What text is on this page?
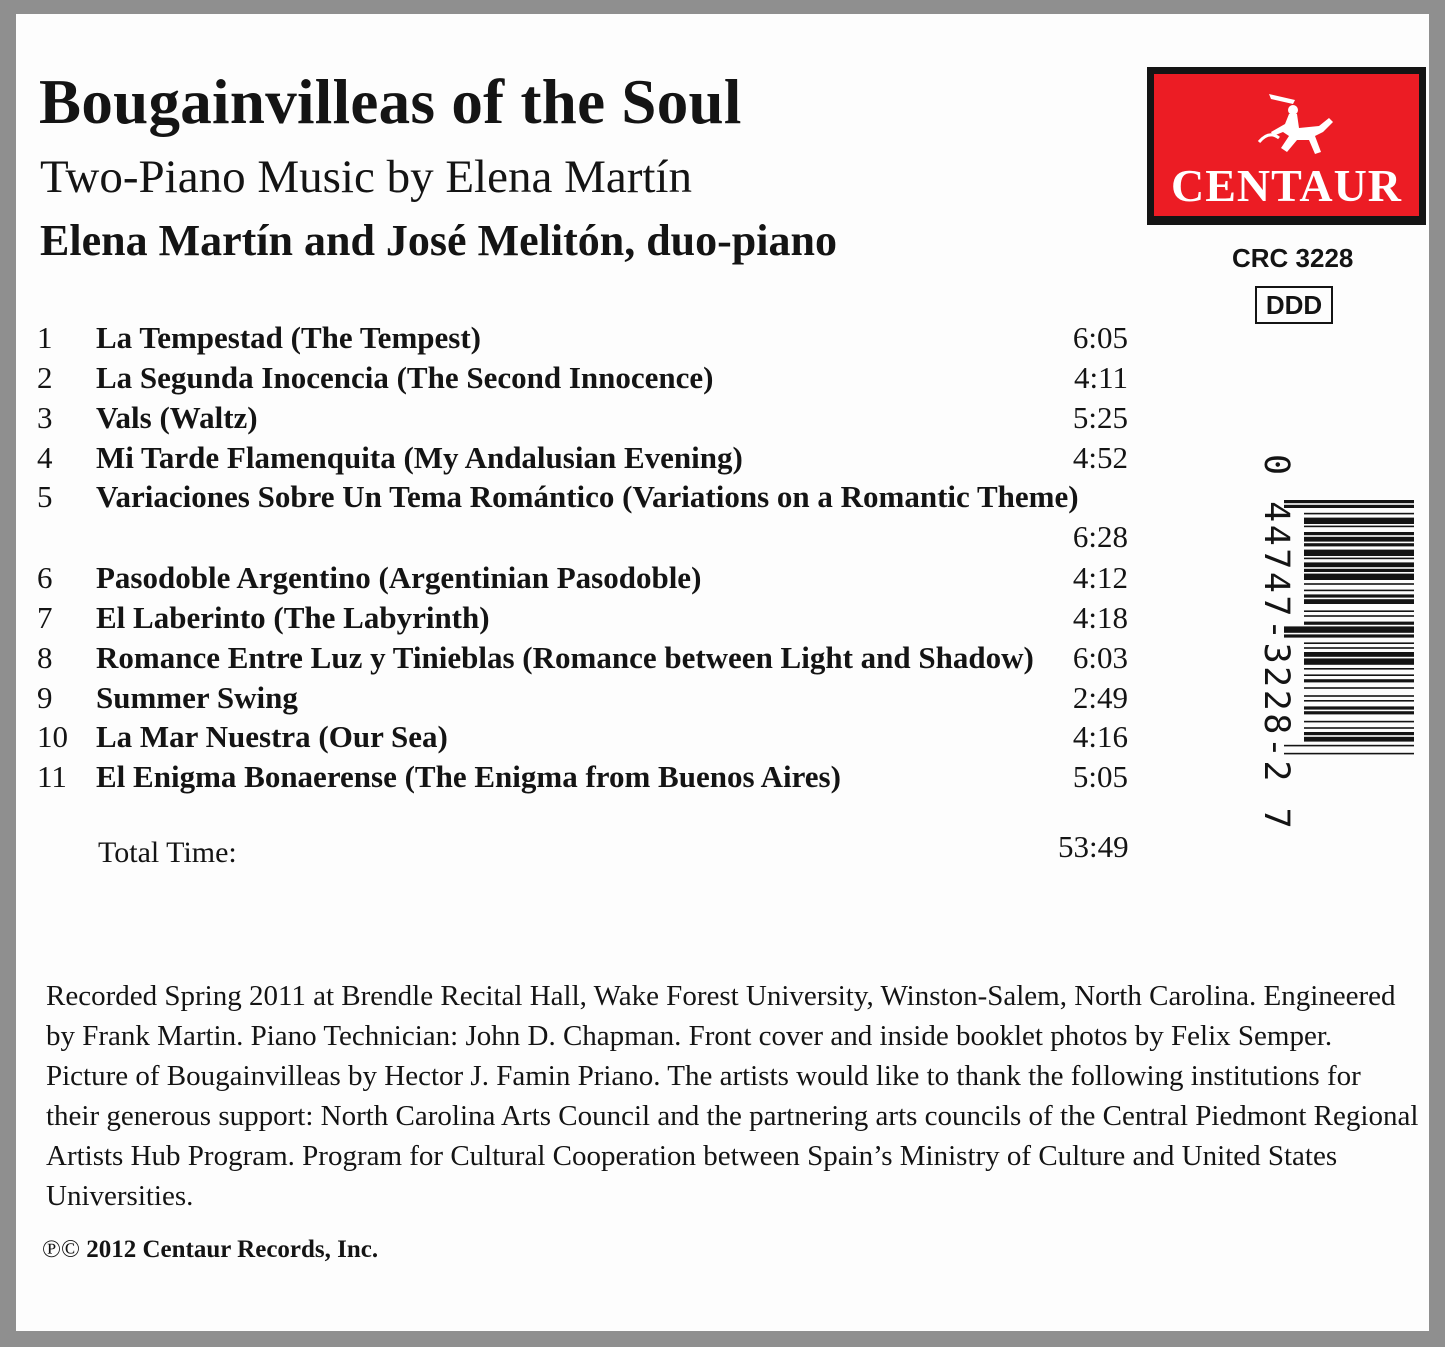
Bougainvilleas of the Soul
Two-Piano Music by Elena Martín
Elena Martín and José Melitón, duo-piano
CENTAUR
CRC 3228
DDD
1 La Tempestad (The Tempest)	6:05
2 La Segunda Inocencia (The Second Innocence)	4:11
3 Vals (Waltz)	5:25
4 Mi Tarde Flamenquita (My Andalusian Evening)	4:52
5 Variaciones Sobre Un Tema Romántico (Variations on a Romantic Theme)
6:28
6 Pasodoble Argentino (Argentinian Pasodoble)	4:12
7 El Laberinto (The Labyrinth)	4:18
8 Romance Entre Luz y Tinieblas (Romance between Light and Shadow) 6:03
9 Summer Swing	2:49
10 La Mar Nuestra (Our Sea)	4:16
11 El Enigma Bonaerense (The Enigma from Buenos Aires)	5:05
Total Time:	53:49
0 44747-3228-2 7
Recorded Spring 2011 at Brendle Recital Hall, Wake Forest University, Winston-Salem, North Carolina. Engineered by Frank Martin. Piano Technician: John D. Chapman. Front cover and inside booklet photos by Felix Semper. Picture of Bougainvilleas by Hector J. Famin Priano. The artists would like to thank the following institutions for their generous support: North Carolina Arts Council and the partnering arts councils of the Central Piedmont Regional Artists Hub Program. Program for Cultural Cooperation between Spain’s Ministry of Culture and United States Universities.
℗© 2012 Centaur Records, Inc.
